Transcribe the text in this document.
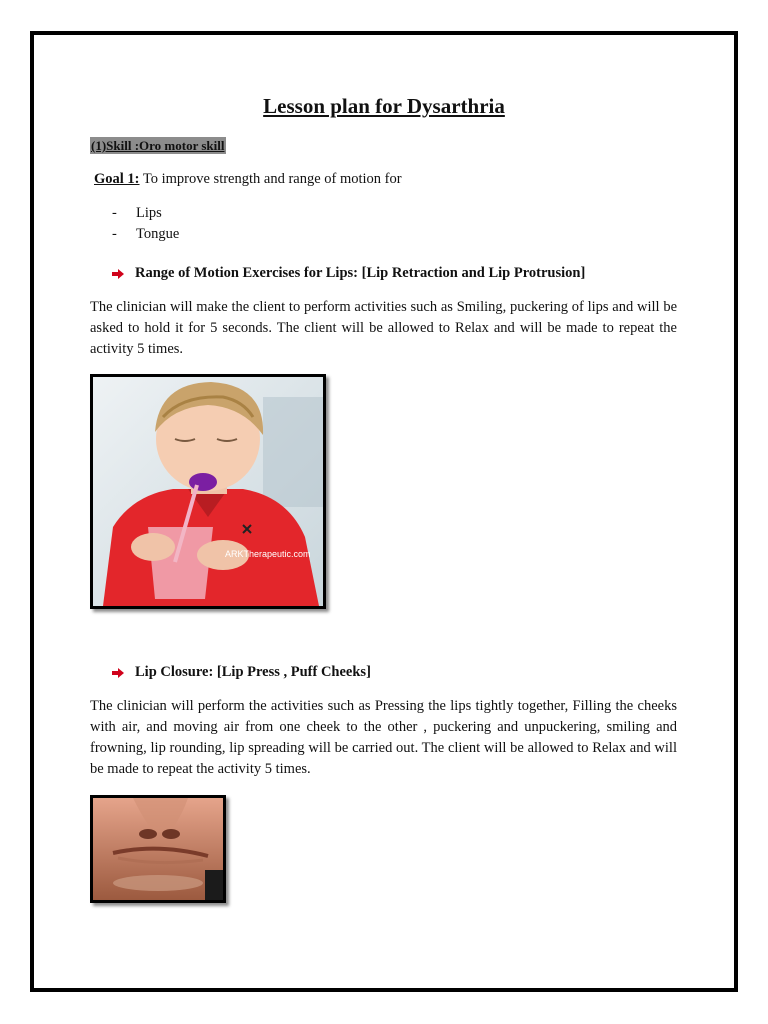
Lesson plan for Dysarthria
(1)Skill :Oro motor skill
Goal 1: To improve strength and range of motion for
- Lips
- Tongue
Range of Motion Exercises for Lips: [Lip Retraction and Lip Protrusion]

The clinician will make the client to perform activities such as Smiling, puckering of lips and will be asked to hold it for 5 seconds. The client will be allowed to Relax and will be made to repeat the activity 5 times.

ARKTherapeutic.com
Lip Closure: [Lip Press , Puff Cheeks]

The clinician will perform the activities such as Pressing the lips tightly together, Filling the cheeks with air, and moving air from one cheek to the other , puckering and unpuckering, smiling and frowning, lip rounding, lip spreading will be carried out. The client will be allowed to Relax and will be made to repeat the activity 5 times.
